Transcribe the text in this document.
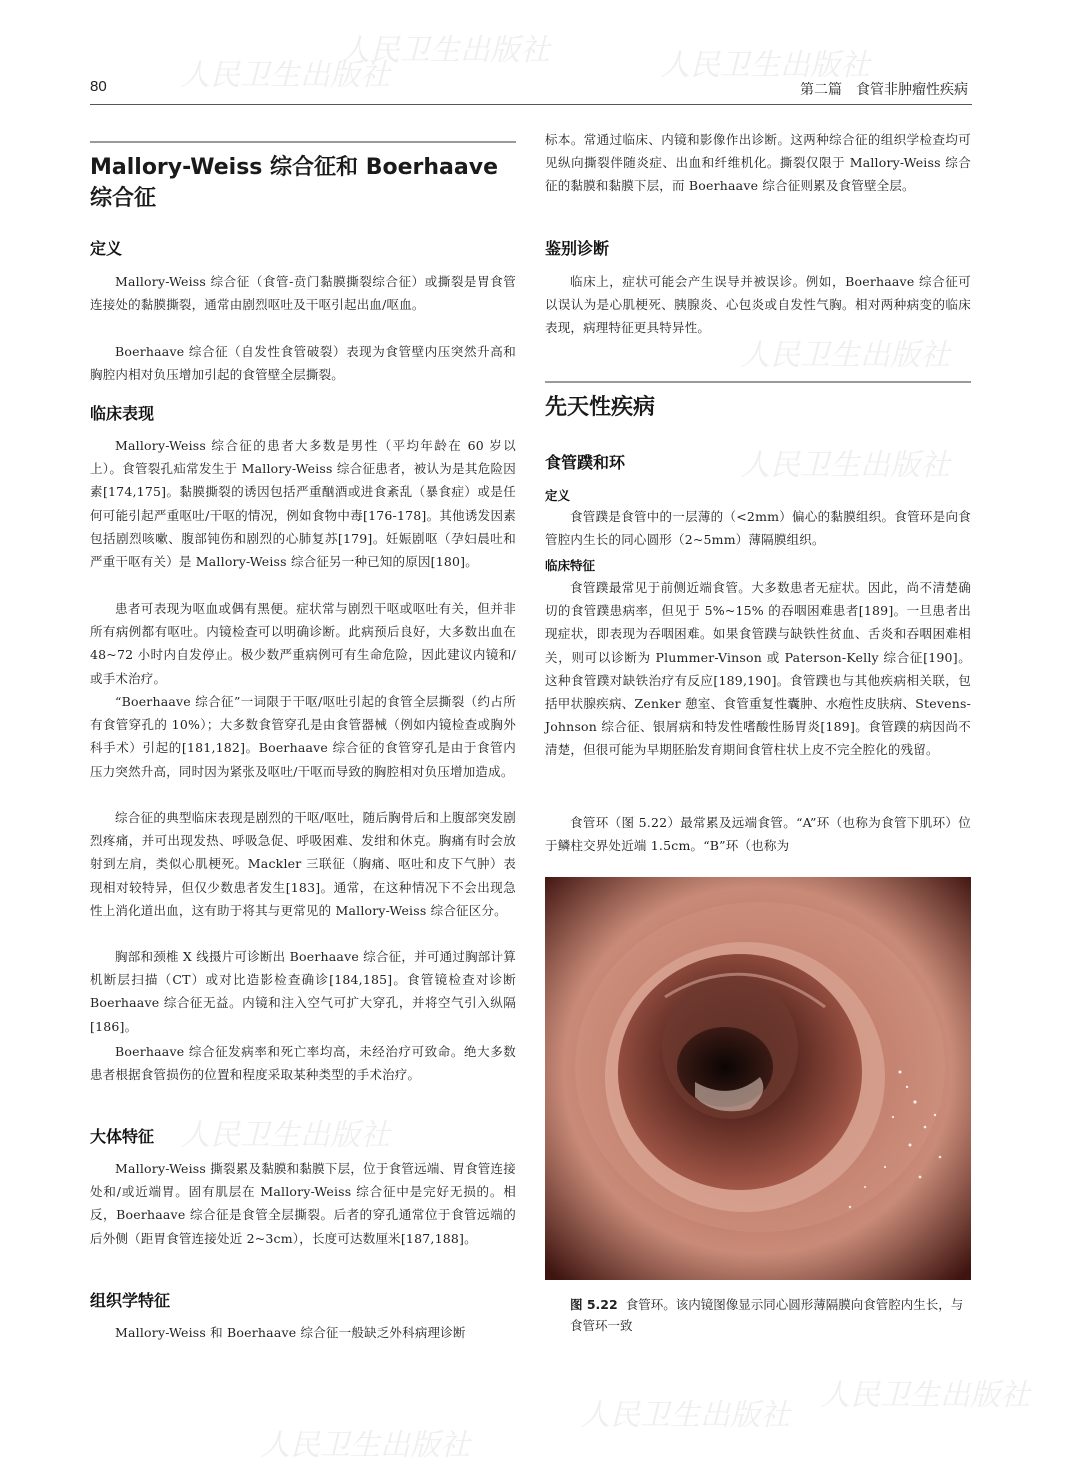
人民卫生出版社	人民卫生出版社
人民卫生出版社
人民卫生出版社
人民卫生出版社
人民卫生出版社
人民卫生出版社
人民卫生出版社
人民卫生出版社
80	第二篇　食管非肿瘤性疾病
Mallory-Weiss 综合征和 Boerhaave 综合征
定义

Mallory-Weiss 综合征（食管-贲门黏膜撕裂综合征）或撕裂是胃食管连接处的黏膜撕裂，通常由剧烈呕吐及干呕引起出血/呕血。

Boerhaave 综合征（自发性食管破裂）表现为食管壁内压突然升高和胸腔内相对负压增加引起的食管壁全层撕裂。

临床表现

Mallory-Weiss 综合征的患者大多数是男性（平均年龄在 60 岁以上）。食管裂孔疝常发生于 Mallory-Weiss 综合征患者，被认为是其危险因素[174,175]。黏膜撕裂的诱因包括严重酗酒或进食紊乱（暴食症）或是任何可能引起严重呕吐/干呕的情况，例如食物中毒[176-178]。其他诱发因素包括剧烈咳嗽、腹部钝伤和剧烈的心肺复苏[179]。妊娠剧呕（孕妇晨吐和严重干呕有关）是 Mallory-Weiss 综合征另一种已知的原因[180]。

患者可表现为呕血或偶有黑便。症状常与剧烈干呕或呕吐有关，但并非所有病例都有呕吐。内镜检查可以明确诊断。此病预后良好，大多数出血在 48~72 小时内自发停止。极少数严重病例可有生命危险，因此建议内镜和/或手术治疗。

“Boerhaave 综合征”一词限于干呕/呕吐引起的食管全层撕裂（约占所有食管穿孔的 10%）；大多数食管穿孔是由食管器械（例如内镜检查或胸外科手术）引起的[181,182]。Boerhaave 综合征的食管穿孔是由于食管内压力突然升高，同时因为紧张及呕吐/干呕而导致的胸腔相对负压增加造成。

综合征的典型临床表现是剧烈的干呕/呕吐，随后胸骨后和上腹部突发剧烈疼痛，并可出现发热、呼吸急促、呼吸困难、发绀和休克。胸痛有时会放射到左肩，类似心肌梗死。Mackler 三联征（胸痛、呕吐和皮下气肿）表现相对较特异，但仅少数患者发生[183]。通常，在这种情况下不会出现急性上消化道出血，这有助于将其与更常见的 Mallory-Weiss 综合征区分。

胸部和颈椎 X 线摄片可诊断出 Boerhaave 综合征，并可通过胸部计算机断层扫描（CT）或对比造影检查确诊[184,185]。食管镜检查对诊断 Boerhaave 综合征无益。内镜和注入空气可扩大穿孔，并将空气引入纵隔[186]。

Boerhaave 综合征发病率和死亡率均高，未经治疗可致命。绝大多数患者根据食管损伤的位置和程度采取某种类型的手术治疗。

大体特征

Mallory-Weiss 撕裂累及黏膜和黏膜下层，位于食管远端、胃食管连接处和/或近端胃。固有肌层在 Mallory-Weiss 综合征中是完好无损的。相反，Boerhaave 综合征是食管全层撕裂。后者的穿孔通常位于食管远端的后外侧（距胃食管连接处近 2~3cm），长度可达数厘米[187,188]。

组织学特征

Mallory-Weiss 和 Boerhaave 综合征一般缺乏外科病理诊断

标本。常通过临床、内镜和影像作出诊断。这两种综合征的组织学检查均可见纵向撕裂伴随炎症、出血和纤维机化。撕裂仅限于 Mallory-Weiss 综合征的黏膜和黏膜下层，而 Boerhaave 综合征则累及食管壁全层。

鉴别诊断

临床上，症状可能会产生误导并被误诊。例如，Boerhaave 综合征可以误认为是心肌梗死、胰腺炎、心包炎或自发性气胸。相对两种病变的临床表现，病理特征更具特异性。

先天性疾病
食管蹼和环
定义

食管蹼是食管中的一层薄的（<2mm）偏心的黏膜组织。食管环是向食管腔内生长的同心圆形（2~5mm）薄隔膜组织。

临床特征

食管蹼最常见于前侧近端食管。大多数患者无症状。因此，尚不清楚确切的食管蹼患病率，但见于 5%~15% 的吞咽困难患者[189]。一旦患者出现症状，即表现为吞咽困难。如果食管蹼与缺铁性贫血、舌炎和吞咽困难相关，则可以诊断为 Plummer-Vinson 或 Paterson-Kelly 综合征[190]。这种食管蹼对缺铁治疗有反应[189,190]。食管蹼也与其他疾病相关联，包括甲状腺疾病、Zenker 憩室、食管重复性囊肿、水疱性皮肤病、Stevens-Johnson 综合征、银屑病和特发性嗜酸性肠胃炎[189]。食管蹼的病因尚不清楚，但很可能为早期胚胎发育期间食管柱状上皮不完全腔化的残留。

食管环（图 5.22）最常累及远端食管。“A”环（也称为食管下肌环）位于鳞柱交界处近端 1.5cm。“B”环（也称为

图 5.22 食管环。该内镜图像显示同心圆形薄隔膜向食管腔内生长，与食管环一致
